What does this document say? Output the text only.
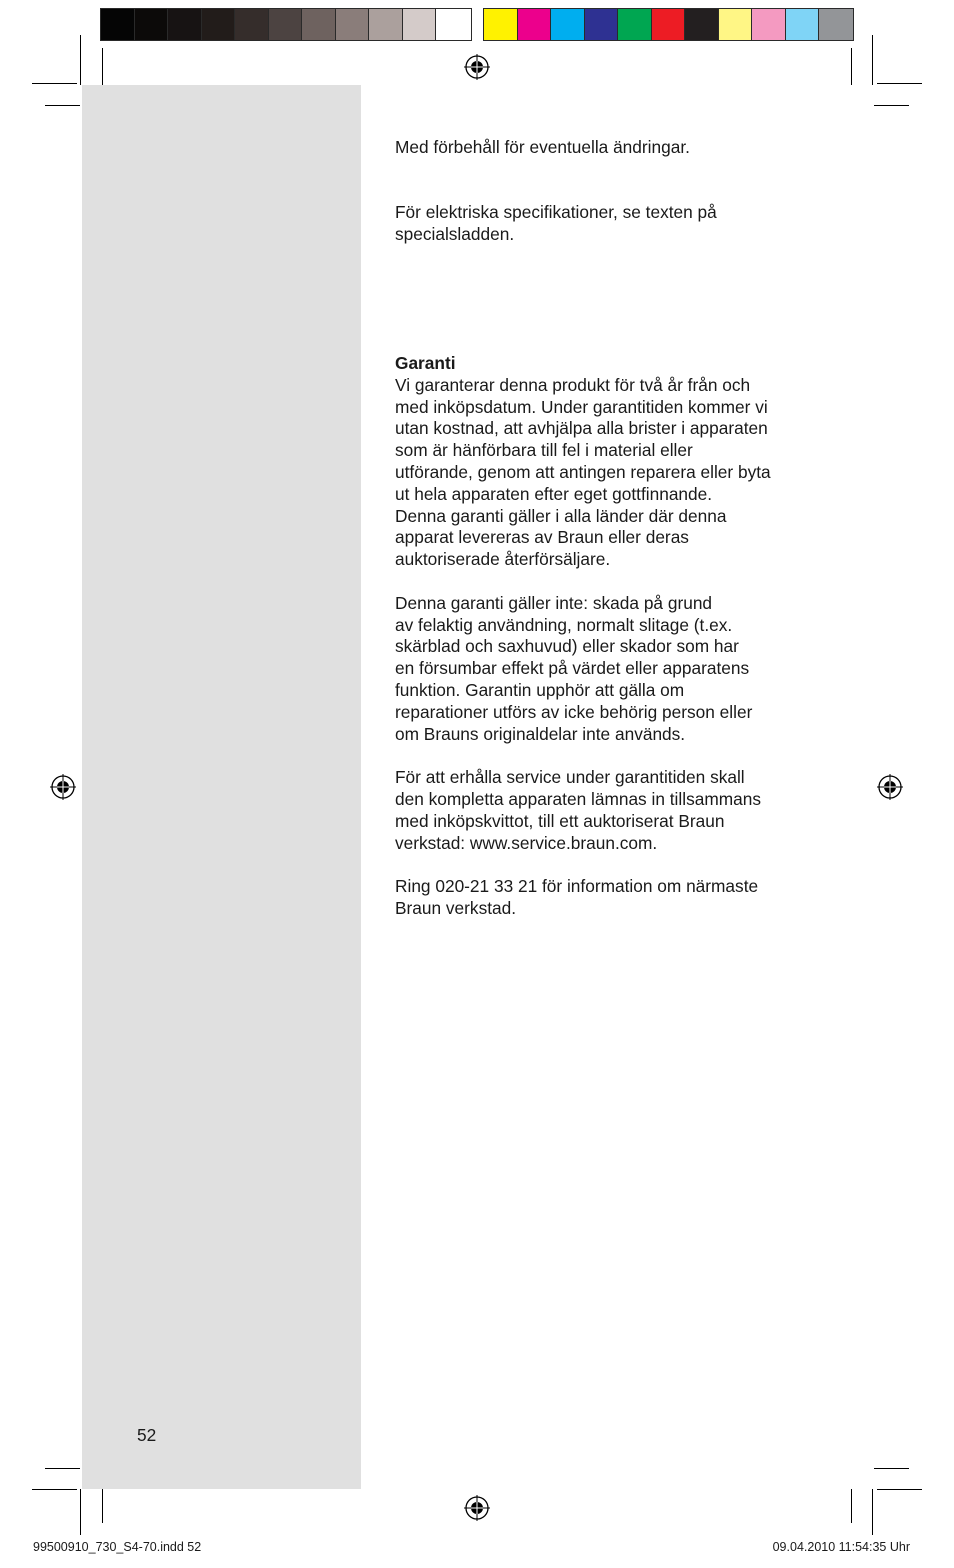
Med förbehåll för eventuella ändringar.

För elektriska specifikationer, se texten på

specialsladden.

Garanti

Vi garanterar denna produkt för två år från och

med inköpsdatum. Under garantitiden kommer vi

utan kostnad, att avhjälpa alla brister i apparaten

som är hänförbara till fel i material eller

utförande, genom att antingen reparera eller byta

ut hela apparaten efter eget gottfinnande.

Denna garanti gäller i alla länder där denna

apparat levereras av Braun eller deras

auktoriserade återförsäljare.

Denna garanti gäller inte: skada på grund

av felaktig användning, normalt slitage (t.ex.

skärblad och saxhuvud) eller skador som har

en försumbar effekt på värdet eller apparatens

funktion. Garantin upphör att gälla om

reparationer utförs av icke behörig person eller

om Brauns originaldelar inte används.

För att erhålla service under garantitiden skall

den kompletta apparaten lämnas in tillsammans

med inköpskvittot, till ett auktoriserat Braun

verkstad: www.service.braun.com.

Ring 020-21 33 21 för information om närmaste

Braun verkstad.

52
99500910_730_S4-70.indd 52	09.04.2010 11:54:35 Uhr
